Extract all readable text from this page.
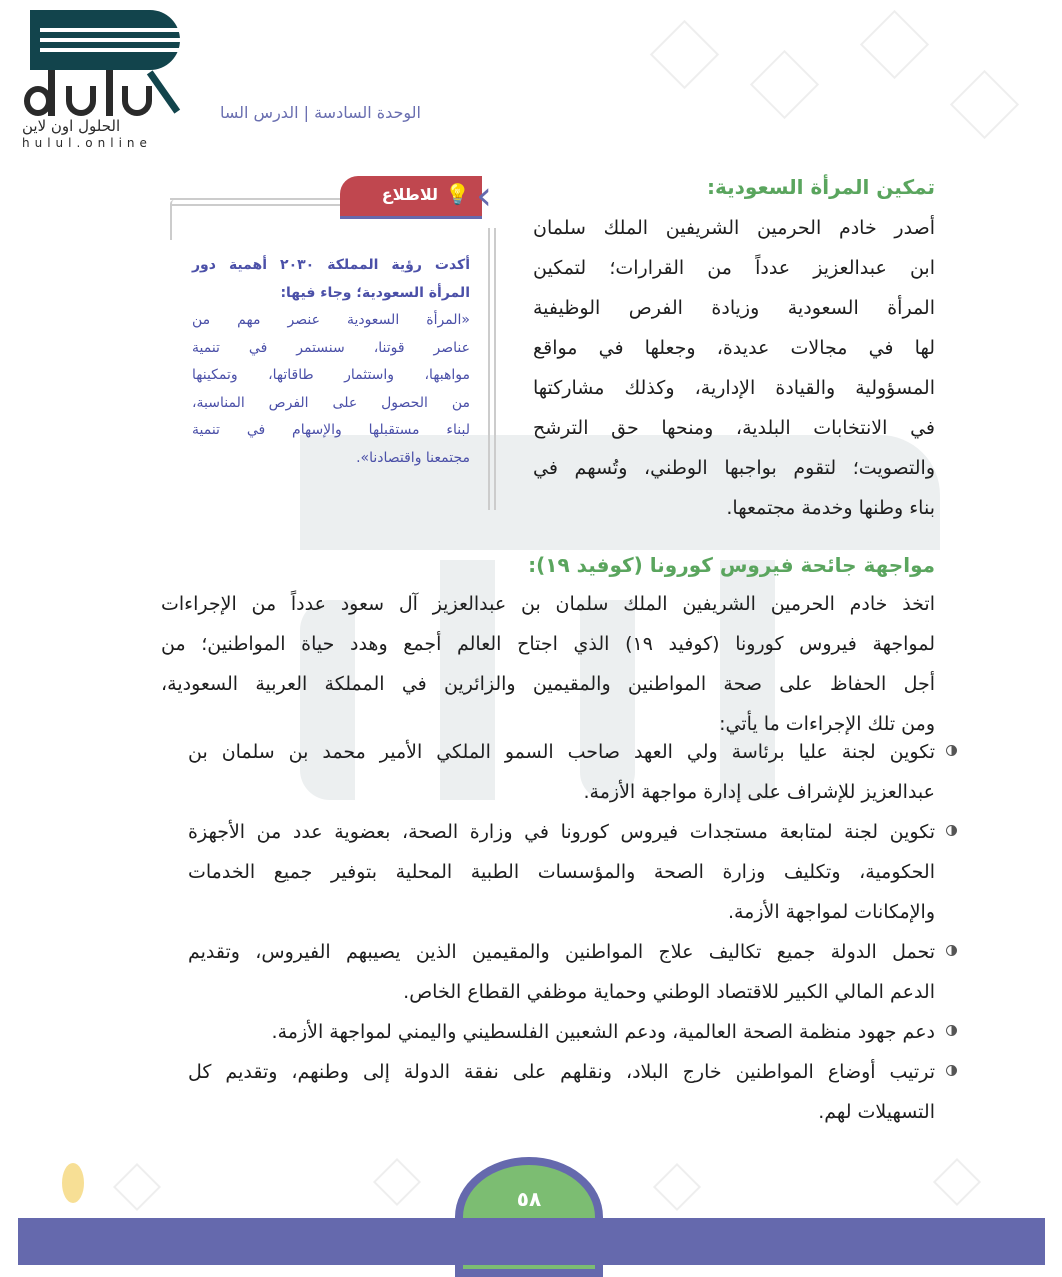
الحلول اون لاين
hulul.online
الوحدة السادسة | الدرس السا
💡
للاطلاع ‹
أكدت رؤية المملكة ٢٠٣٠ أهمية دور
المرأة السعودية؛ وجاء فيها:
«المرأة السعودية عنصر مهم من
عناصر قوتنا، سنستمر في تنمية
مواهبها، واستثمار طاقاتها، وتمكينها
من الحصول على الفرص المناسبة،
لبناء مستقبلها والإسهام في تنمية
مجتمعنا واقتصادنا».
تمكين المرأة السعودية:
أصدر خادم الحرمين الشريفين الملك سلمان
ابن عبدالعزيز عدداً من القرارات؛ لتمكين
المرأة السعودية وزيادة الفرص الوظيفية
لها في مجالات عديدة، وجعلها في مواقع
المسؤولية والقيادة الإدارية، وكذلك مشاركتها
في الانتخابات البلدية، ومنحها حق الترشح
والتصويت؛ لتقوم بواجبها الوطني، وتُسهم في
بناء وطنها وخدمة مجتمعها.
مواجهة جائحة فيروس كورونا (كوفيد ١٩):
اتخذ خادم الحرمين الشريفين الملك سلمان بن عبدالعزيز آل سعود عدداً من الإجراءات
لمواجهة فيروس كورونا (كوفيد ١٩) الذي اجتاح العالم أجمع وهدد حياة المواطنين؛ من
أجل الحفاظ على صحة المواطنين والمقيمين والزائرين في المملكة العربية السعودية،
ومن تلك الإجراءات ما يأتي:
تكوين لجنة عليا برئاسة ولي العهد صاحب السمو الملكي الأمير محمد بن سلمان بن
عبدالعزيز للإشراف على إدارة مواجهة الأزمة.
تكوين لجنة لمتابعة مستجدات فيروس كورونا في وزارة الصحة، بعضوية عدد من الأجهزة
الحكومية، وتكليف وزارة الصحة والمؤسسات الطبية المحلية بتوفير جميع الخدمات
والإمكانات لمواجهة الأزمة.
تحمل الدولة جميع تكاليف علاج المواطنين والمقيمين الذين يصيبهم الفيروس، وتقديم
الدعم المالي الكبير للاقتصاد الوطني وحماية موظفي القطاع الخاص.
دعم جهود منظمة الصحة العالمية، ودعم الشعبين الفلسطيني واليمني لمواجهة الأزمة.
ترتيب أوضاع المواطنين خارج البلاد، ونقلهم على نفقة الدولة إلى وطنهم، وتقديم كل
التسهيلات لهم.
٥٨
